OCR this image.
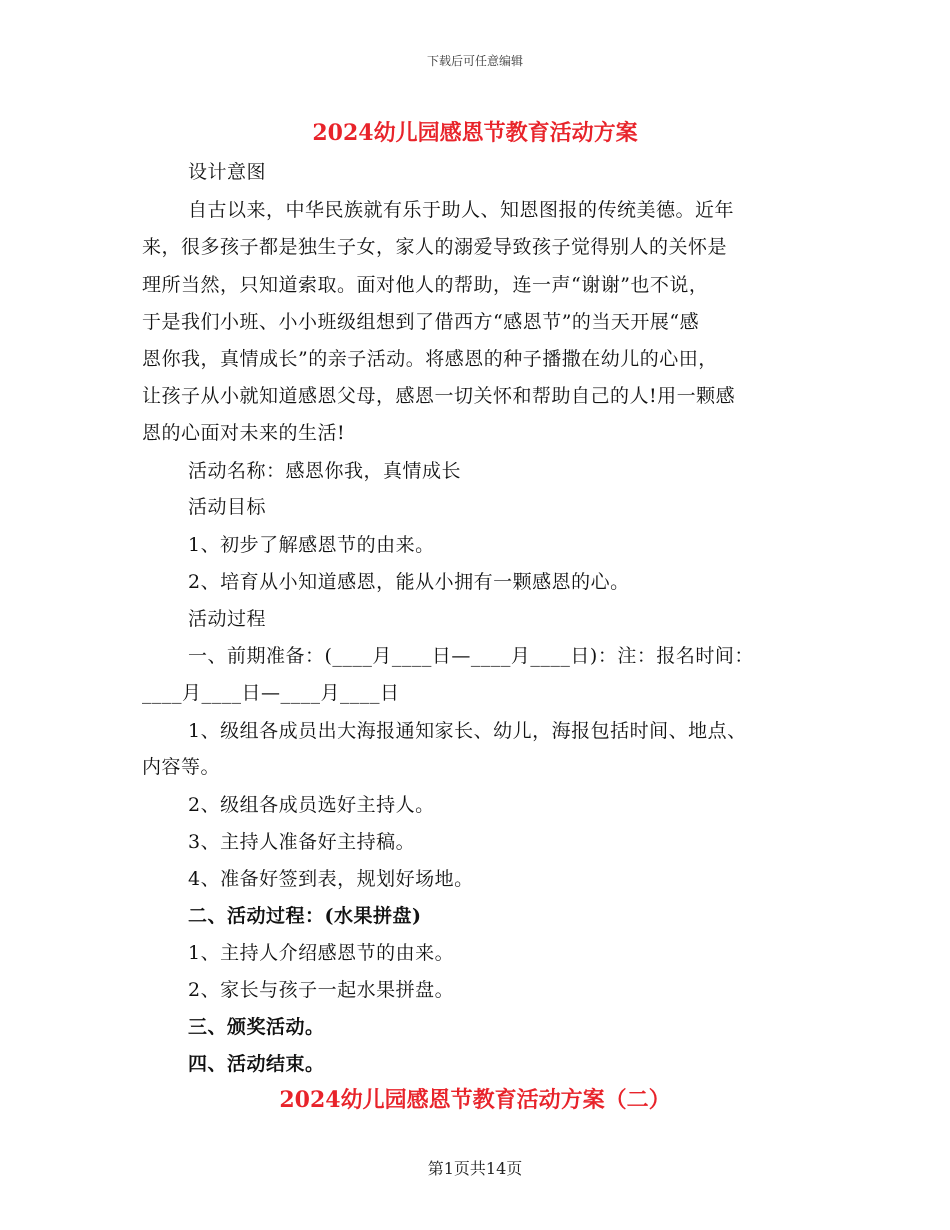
下载后可任意编辑
2024幼儿园感恩节教育活动方案
设计意图
自古以来，中华民族就有乐于助人、知恩图报的传统美德。近年
来，很多孩子都是独生子女，家人的溺爱导致孩子觉得别人的关怀是
理所当然，只知道索取。面对他人的帮助，连一声“谢谢”也不说，
于是我们小班、小小班级组想到了借西方“感恩节”的当天开展“感
恩你我，真情成长”的亲子活动。将感恩的种子播撒在幼儿的心田，
让孩子从小就知道感恩父母，感恩一切关怀和帮助自己的人!用一颗感
恩的心面对未来的生活!
活动名称：感恩你我，真情成长
活动目标
1、初步了解感恩节的由来。
2、培育从小知道感恩，能从小拥有一颗感恩的心。
活动过程
一、前期准备：(____月____日—____月____日)：注：报名时间：
____月____日—____月____日
1、级组各成员出大海报通知家长、幼儿，海报包括时间、地点、
内容等。
2、级组各成员选好主持人。
3、主持人准备好主持稿。
4、准备好签到表，规划好场地。
二、活动过程：(水果拼盘)
1、主持人介绍感恩节的由来。
2、家长与孩子一起水果拼盘。
三、颁奖活动。
四、活动结束。
2024幼儿园感恩节教育活动方案（二）
第1页共14页
